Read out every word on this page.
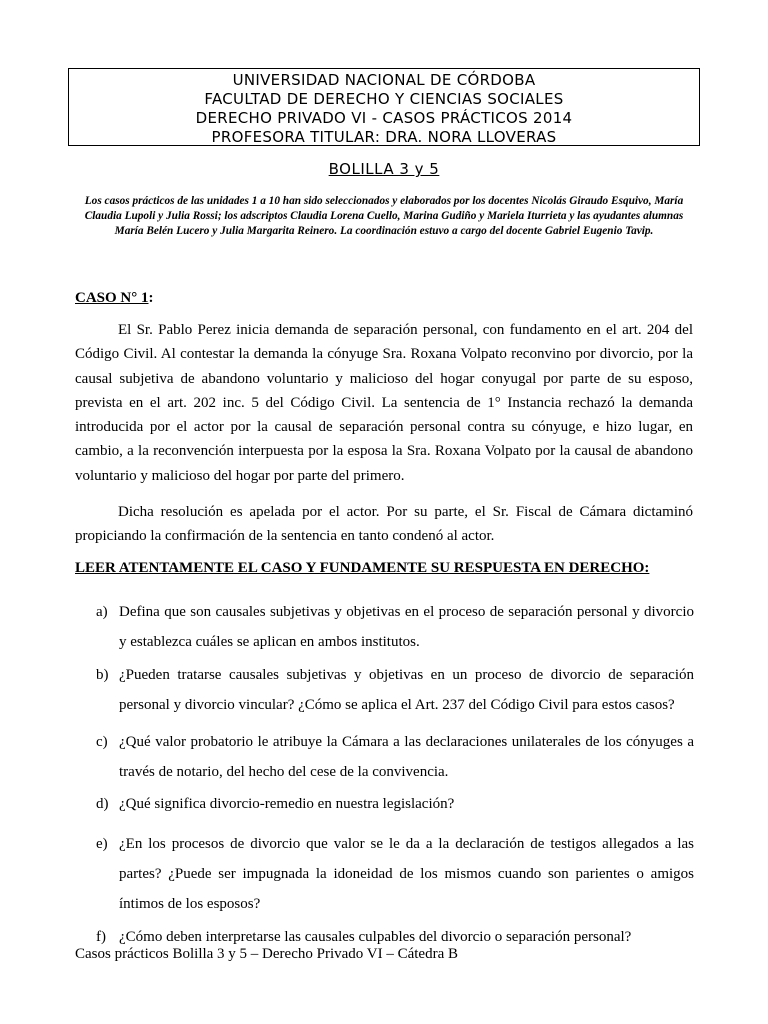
UNIVERSIDAD NACIONAL DE CÓRDOBA
FACULTAD DE DERECHO Y CIENCIAS SOCIALES
DERECHO PRIVADO VI - CASOS PRÁCTICOS 2014
PROFESORA TITULAR: DRA. NORA LLOVERAS
BOLILLA 3 y 5
Los casos prácticos de las unidades 1 a 10 han sido seleccionados y elaborados por los docentes Nicolás Giraudo Esquivo, María Claudia Lupoli y Julia Rossi; los adscriptos Claudia Lorena Cuello, Marina Gudiño y Mariela Iturrieta y las ayudantes alumnas María Belén Lucero y Julia Margarita Reinero. La coordinación estuvo a cargo del docente Gabriel Eugenio Tavip.
CASO N° 1:
El Sr. Pablo Perez inicia demanda de separación personal, con fundamento en el art. 204 del Código Civil. Al contestar la demanda la cónyuge Sra. Roxana Volpato reconvino por divorcio, por la causal subjetiva de abandono voluntario y malicioso del hogar conyugal por parte de su esposo, prevista en el art. 202 inc. 5 del Código Civil. La sentencia de 1° Instancia rechazó la demanda introducida por el actor por la causal de separación personal contra su cónyuge, e hizo lugar, en cambio, a la reconvención interpuesta por la esposa la Sra. Roxana Volpato por la causal de abandono voluntario y malicioso del hogar por parte del primero.
Dicha resolución es apelada por el actor. Por su parte, el Sr. Fiscal de Cámara dictaminó propiciando la confirmación de la sentencia en tanto condenó al actor.
LEER ATENTAMENTE EL CASO Y FUNDAMENTE SU RESPUESTA EN DERECHO:
a) Defina que son causales subjetivas y objetivas en el proceso de separación personal y divorcio y establezca cuáles se aplican en ambos institutos.
b) ¿Pueden tratarse causales subjetivas y objetivas en un proceso de divorcio de separación personal y divorcio vincular? ¿Cómo se aplica el Art. 237 del Código Civil para estos casos?
c) ¿Qué valor probatorio le atribuye la Cámara a las declaraciones unilaterales de los cónyuges a través de notario, del hecho del cese de la convivencia.
d) ¿Qué significa divorcio-remedio en nuestra legislación?
e) ¿En los procesos de divorcio que valor se le da a la declaración de testigos allegados a las partes? ¿Puede ser impugnada la idoneidad de los mismos cuando son parientes o amigos íntimos de los esposos?
f) ¿Cómo deben interpretarse las causales culpables del divorcio o separación personal?
Casos prácticos Bolilla 3 y 5 – Derecho Privado VI – Cátedra B
